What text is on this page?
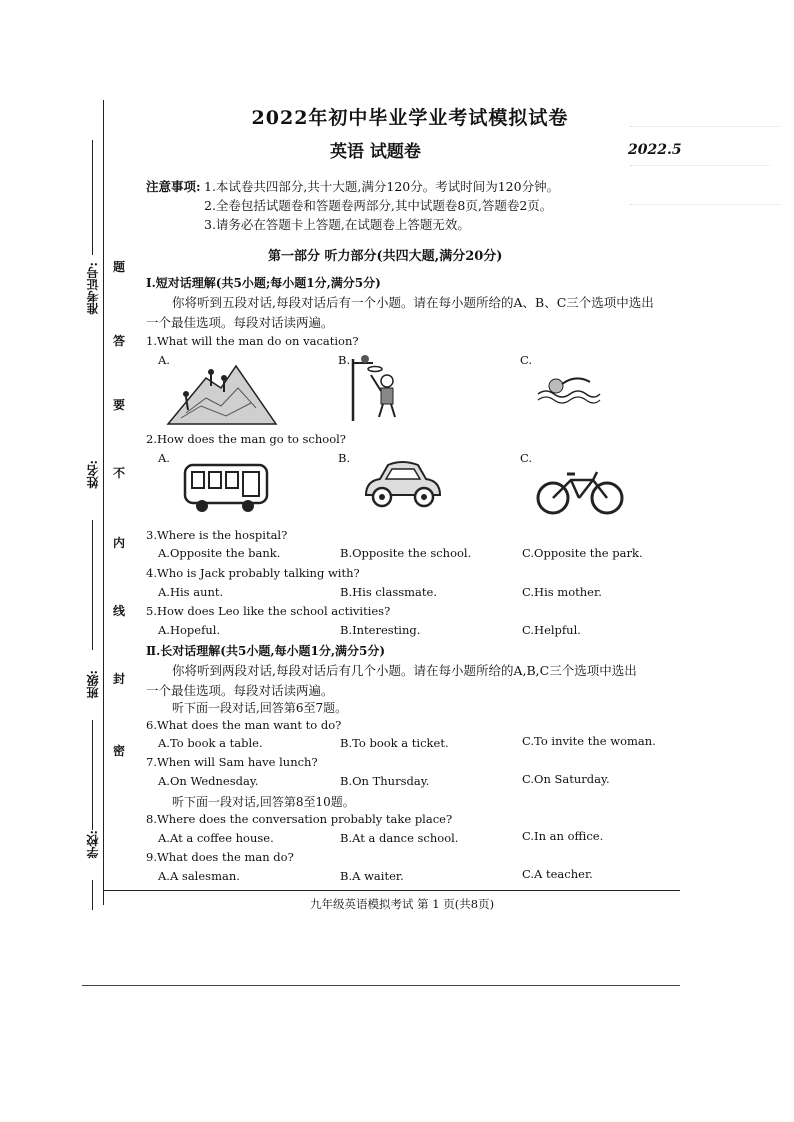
准考证号:
姓名:
班级:
学校:
题
答
要
不
内
线
封
密
2022年初中毕业学业考试模拟试卷
英语 试题卷	2022.5
注意事项: 1.本试卷共四部分,共十大题,满分120分。考试时间为120分钟。
2.全卷包括试题卷和答题卷两部分,其中试题卷8页,答题卷2页。
3.请务必在答题卡上答题,在试题卷上答题无效。
第一部分 听力部分(共四大题,满分20分)
Ⅰ.短对话理解(共5小题;每小题1分,满分5分)
你将听到五段对话,每段对话后有一个小题。请在每小题所给的A、B、C三个选项中选出
一个最佳选项。每段对话读两遍。
1.What will the man do on vacation?
A.	B.	C.
2.How does the man go to school?
A.	B.	C.
3.Where is the hospital?
A.Opposite the bank.	B.Opposite the school.	C.Opposite the park.
4.Who is Jack probably talking with?
A.His aunt.	B.His classmate.	C.His mother.
5.How does Leo like the school activities?
A.Hopeful.	B.Interesting.	C.Helpful.
Ⅱ.长对话理解(共5小题,每小题1分,满分5分)
你将听到两段对话,每段对话后有几个小题。请在每小题所给的A,B,C三个选项中选出
一个最佳选项。每段对话读两遍。
听下面一段对话,回答第6至7题。
6.What does the man want to do?
A.To book a table.	B.To book a ticket.	C.To invite the woman.
7.When will Sam have lunch?
A.On Wednesday.	B.On Thursday.	C.On Saturday.
听下面一段对话,回答第8至10题。
8.Where does the conversation probably take place?
A.At a coffee house.	B.At a dance school.	C.In an office.
9.What does the man do?
A.A salesman.	B.A waiter.	C.A teacher.
九年级英语模拟考试 第 1 页(共8页)
